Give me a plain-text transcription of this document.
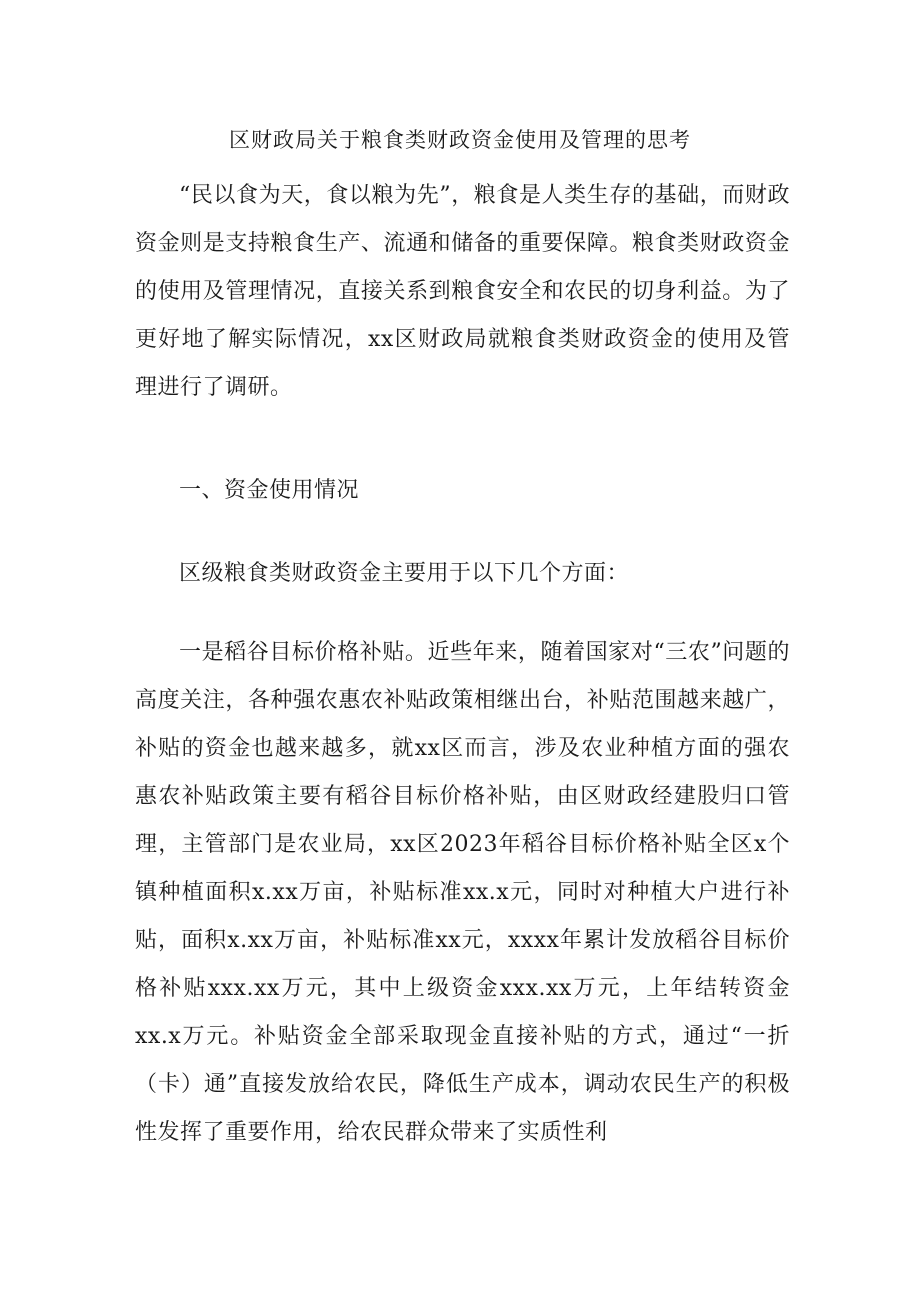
区财政局关于粮食类财政资金使用及管理的思考

“民以食为天，食以粮为先”，粮食是人类生存的基础，而财政资金则是支持粮食生产、流通和储备的重要保障。粮食类财政资金的使用及管理情况，直接关系到粮食安全和农民的切身利益。为了更好地了解实际情况，xx区财政局就粮食类财政资金的使用及管理进行了调研。

一、资金使用情况

区级粮食类财政资金主要用于以下几个方面：

一是稻谷目标价格补贴。近些年来，随着国家对“三农”问题的高度关注，各种强农惠农补贴政策相继出台，补贴范围越来越广，补贴的资金也越来越多，就xx区而言，涉及农业种植方面的强农惠农补贴政策主要有稻谷目标价格补贴，由区财政经建股归口管理，主管部门是农业局，xx区2023年稻谷目标价格补贴全区x个镇种植面积x.xx万亩，补贴标准xx.x元，同时对种植大户进行补贴，面积x.xx万亩，补贴标准xx元，xxxx年累计发放稻谷目标价格补贴xxx.xx万元，其中上级资金xxx.xx万元，上年结转资金xx.x万元。补贴资金全部采取现金直接补贴的方式，通过“一折（卡）通”直接发放给农民，降低生产成本，调动农民生产的积极性发挥了重要作用，给农民群众带来了实质性利
